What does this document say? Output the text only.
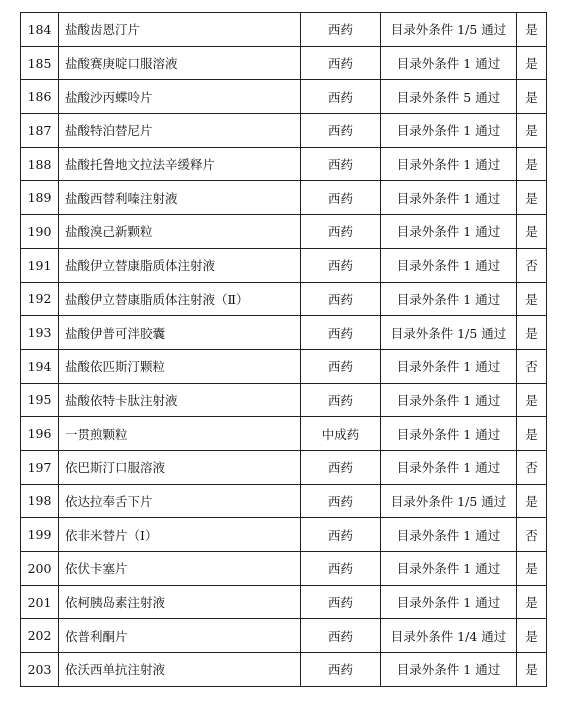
184	盐酸齿恩汀片	西药	目录外条件 1/5 通过	是
185	盐酸赛庚啶口服溶液	西药	目录外条件 1 通过	是
186	盐酸沙丙蝶呤片	西药	目录外条件 5 通过	是
187	盐酸特泊替尼片	西药	目录外条件 1 通过	是
188	盐酸托鲁地文拉法辛缓释片	西药	目录外条件 1 通过	是
189	盐酸西替利嗪注射液	西药	目录外条件 1 通过	是
190	盐酸溴己新颗粒	西药	目录外条件 1 通过	是
191	盐酸伊立替康脂质体注射液	西药	目录外条件 1 通过	否
192	盐酸伊立替康脂质体注射液（Ⅱ）	西药	目录外条件 1 通过	是
193	盐酸伊普可泮胶囊	西药	目录外条件 1/5 通过	是
194	盐酸依匹斯汀颗粒	西药	目录外条件 1 通过	否
195	盐酸依特卡肽注射液	西药	目录外条件 1 通过	是
196	一贯煎颗粒	中成药	目录外条件 1 通过	是
197	依巴斯汀口服溶液	西药	目录外条件 1 通过	否
198	依达拉奉舌下片	西药	目录外条件 1/5 通过	是
199	依非米替片（Ⅰ）	西药	目录外条件 1 通过	否
200	依伏卡塞片	西药	目录外条件 1 通过	是
201	依柯胰岛素注射液	西药	目录外条件 1 通过	是
202	依普利酮片	西药	目录外条件 1/4 通过	是
203	依沃西单抗注射液	西药	目录外条件 1 通过	是
